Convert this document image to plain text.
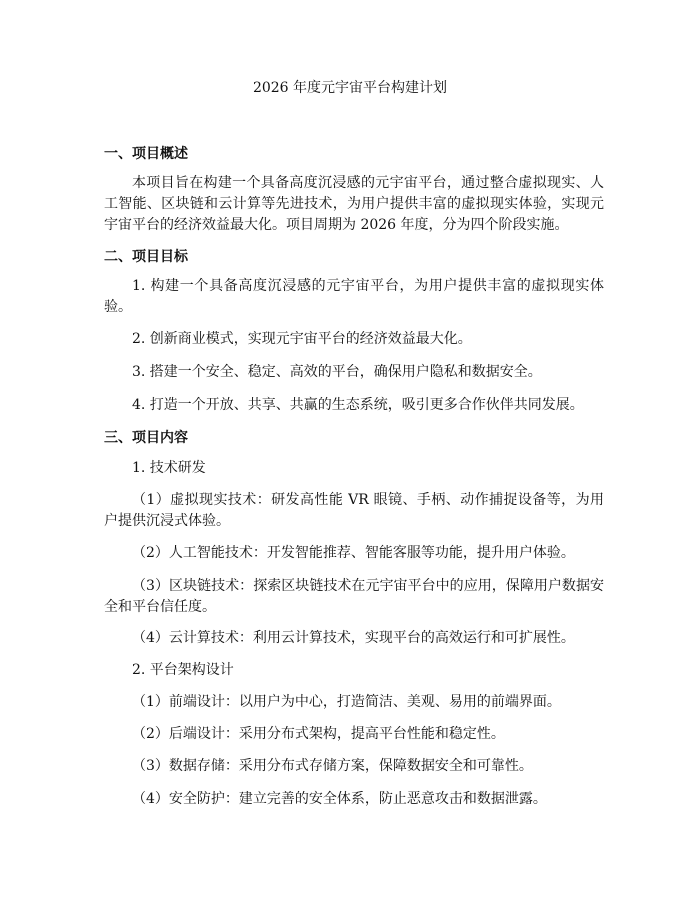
2026 年度元宇宙平台构建计划
一、项目概述

本项目旨在构建一个具备高度沉浸感的元宇宙平台，通过整合虚拟现实、人工智能、区块链和云计算等先进技术，为用户提供丰富的虚拟现实体验，实现元宇宙平台的经济效益最大化。项目周期为 2026 年度，分为四个阶段实施。

二、项目目标

1. 构建一个具备高度沉浸感的元宇宙平台，为用户提供丰富的虚拟现实体验。

2. 创新商业模式，实现元宇宙平台的经济效益最大化。

3. 搭建一个安全、稳定、高效的平台，确保用户隐私和数据安全。

4. 打造一个开放、共享、共赢的生态系统，吸引更多合作伙伴共同发展。

三、项目内容

1. 技术研发

（1）虚拟现实技术：研发高性能 VR 眼镜、手柄、动作捕捉设备等，为用户提供沉浸式体验。

（2）人工智能技术：开发智能推荐、智能客服等功能，提升用户体验。

（3）区块链技术：探索区块链技术在元宇宙平台中的应用，保障用户数据安全和平台信任度。

（4）云计算技术：利用云计算技术，实现平台的高效运行和可扩展性。

2. 平台架构设计

（1）前端设计：以用户为中心，打造简洁、美观、易用的前端界面。

（2）后端设计：采用分布式架构，提高平台性能和稳定性。

（3）数据存储：采用分布式存储方案，保障数据安全和可靠性。

（4）安全防护：建立完善的安全体系，防止恶意攻击和数据泄露。
